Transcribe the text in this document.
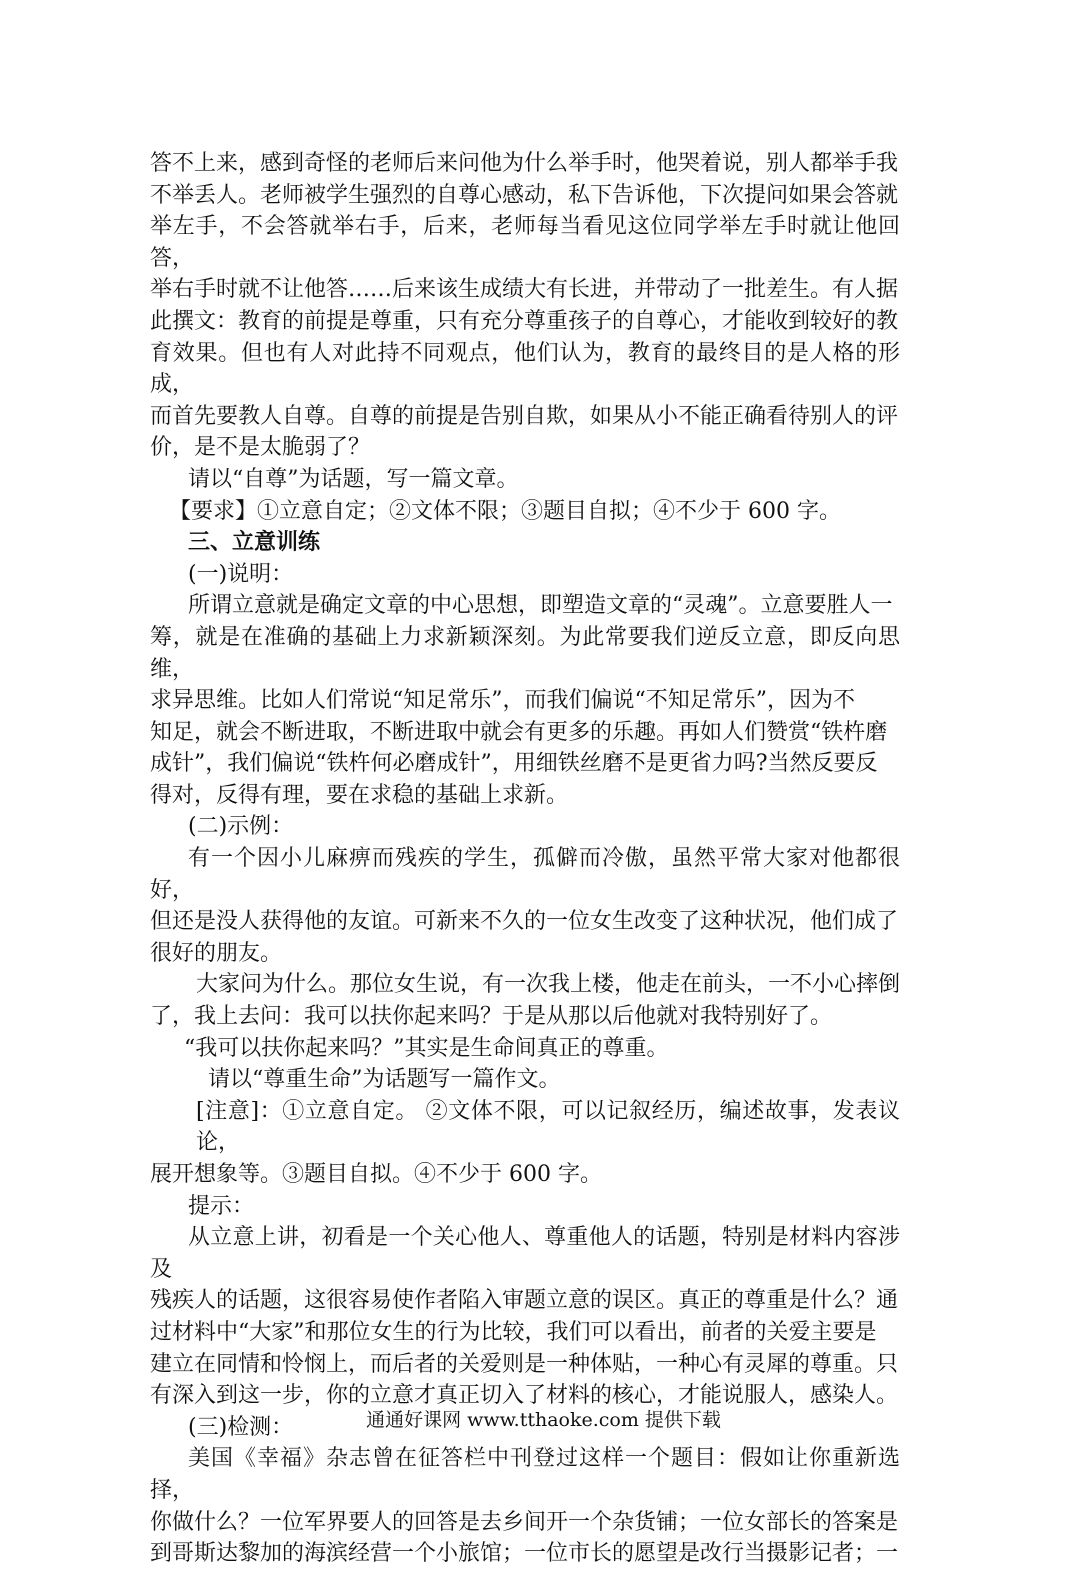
答不上来，感到奇怪的老师后来问他为什么举手时，他哭着说，别人都举手我

不举丢人。老师被学生强烈的自尊心感动，私下告诉他，下次提问如果会答就

举左手，不会答就举右手，后来，老师每当看见这位同学举左手时就让他回答，

举右手时就不让他答……后来该生成绩大有长进，并带动了一批差生。有人据

此撰文：教育的前提是尊重，只有充分尊重孩子的自尊心，才能收到较好的教

育效果。但也有人对此持不同观点，他们认为，教育的最终目的是人格的形成，

而首先要教人自尊。自尊的前提是告别自欺，如果从小不能正确看待别人的评

价，是不是太脆弱了？

请以“自尊”为话题，写一篇文章。

【要求】①立意自定；②文体不限；③题目自拟；④不少于 600 字。

三、立意训练

(一)说明：

所谓立意就是确定文章的中心思想，即塑造文章的“灵魂”。立意要胜人一

筹，就是在准确的基础上力求新颖深刻。为此常要我们逆反立意，即反向思维，

求异思维。比如人们常说“知足常乐”，而我们偏说“不知足常乐”，因为不

知足，就会不断进取，不断进取中就会有更多的乐趣。再如人们赞赏“铁杵磨

成针”，我们偏说“铁杵何必磨成针”，用细铁丝磨不是更省力吗?当然反要反

得对，反得有理，要在求稳的基础上求新。

(二)示例：

有一个因小儿麻痹而残疾的学生，孤僻而冷傲，虽然平常大家对他都很好，

但还是没人获得他的友谊。可新来不久的一位女生改变了这种状况，他们成了

很好的朋友。

大家问为什么。那位女生说，有一次我上楼，他走在前头，一不小心摔倒

了，我上去问：我可以扶你起来吗？于是从那以后他就对我特别好了。

“我可以扶你起来吗？”其实是生命间真正的尊重。

请以“尊重生命”为话题写一篇作文。

[注意]：①立意自定。 ②文体不限，可以记叙经历，编述故事，发表议论，

展开想象等。③题目自拟。④不少于 600 字。

提示：

从立意上讲，初看是一个关心他人、尊重他人的话题，特别是材料内容涉及

残疾人的话题，这很容易使作者陷入审题立意的误区。真正的尊重是什么？通

过材料中“大家”和那位女生的行为比较，我们可以看出，前者的关爱主要是

建立在同情和怜悯上，而后者的关爱则是一种体贴，一种心有灵犀的尊重。只

有深入到这一步，你的立意才真正切入了材料的核心，才能说服人，感染人。

(三)检测：

美国《幸福》杂志曾在征答栏中刊登过这样一个题目：假如让你重新选择，

你做什么？一位军界要人的回答是去乡间开一个杂货铺；一位女部长的答案是

到哥斯达黎加的海滨经营一个小旅馆；一位市长的愿望是改行当摄影记者；一

通通好课网 www.tthaoke.com 提供下载
